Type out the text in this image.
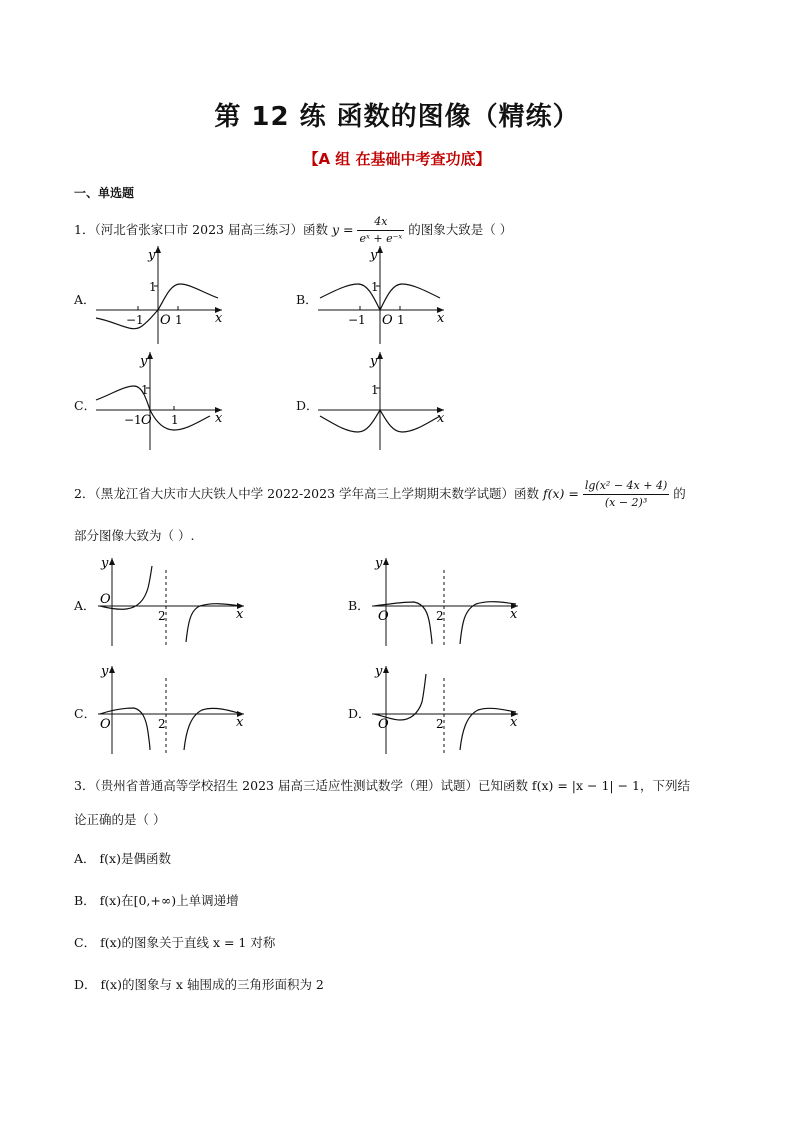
第 12 练 函数的图像（精练）
【A 组 在基础中考查功底】
一、单选题
1．（河北省张家口市 2023 届高三练习）函数 $y = \frac{4x}{\text{eˣ + e⁻ˣ}}$ 的图象大致是（ ）
A．	B．
C．	D．
y
1
−1 O 1 x
y
1
−1 O 1 x
y
1
−1 O 1	x
y
1
x
2．（黑龙江省大庆市大庆铁人中学 2022-2023 学年高三上学期期末数学试题）函数 $f(x) = \frac{\text{lg(x² − 4x + 4)}}{\text{(x − 2)³}}$ 的
部分图像大致为（ ）.
A．	B．
C．	D．
y
O
2	x
y
O	2	x
y
O	2	x
y
O	2	x
3．（贵州省普通高等学校招生 2023 届高三适应性测试数学（理）试题）已知函数 f(x) = |x − 1| − 1，下列结
论正确的是（ ）
A． f(x)是偶函数
B． f(x)在[0,+∞)上单调递增
C． f(x)的图象关于直线 x = 1 对称
D． f(x)的图象与 x 轴围成的三角形面积为 2
